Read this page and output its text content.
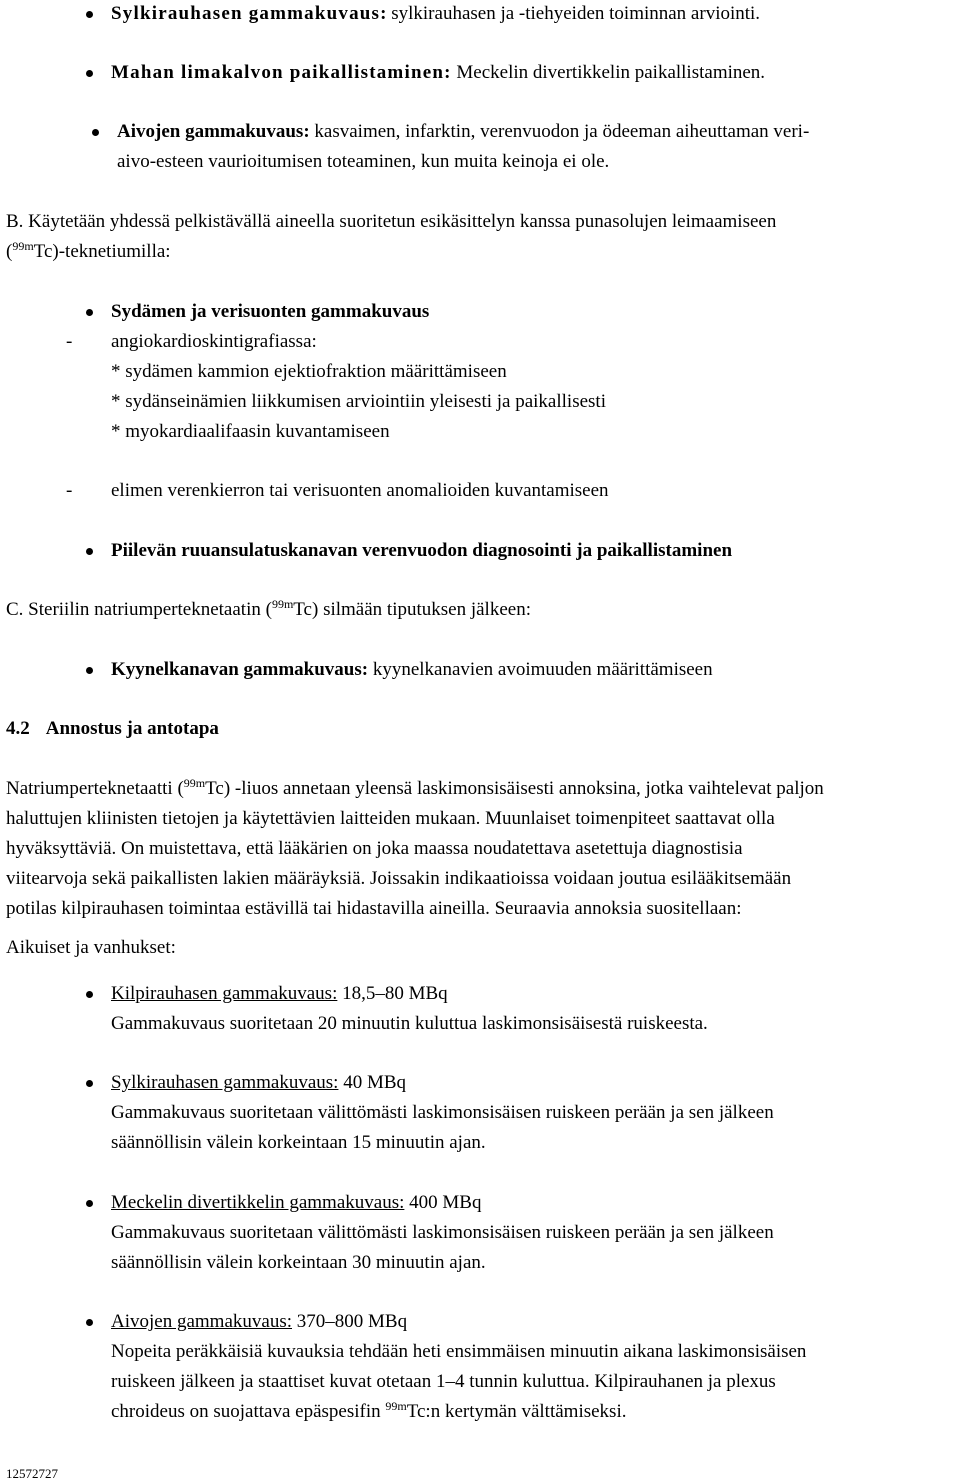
Sylkirauhasen gammakuvaus: sylkirauhasen ja -tiehyeiden toiminnan arviointi.
Mahan limakalvon paikallistaminen: Meckelin divertikkelin paikallistaminen.
Aivojen gammakuvaus: kasvaimen, infarktin, verenvuodon ja ödeeman aiheuttaman veri-
aivo-esteen vaurioitumisen toteaminen, kun muita keinoja ei ole.
B. Käytetään yhdessä pelkistävällä aineella suoritetun esikäsittelyn kanssa punasolujen leimaamiseen
($^{99m}$Tc)-teknetiumilla:
Sydämen ja verisuonten gammakuvaus
- angiokardioskintigrafiassa:
* sydämen kammion ejektiofraktion määrittämiseen
* sydänseinämien liikkumisen arviointiin yleisesti ja paikallisesti
* myokardiaalifaasin kuvantamiseen
- elimen verenkierron tai verisuonten anomalioiden kuvantamiseen
Piilevän ruuansulatuskanavan verenvuodon diagnosointi ja paikallistaminen
C. Steriilin natriumperteknetaatin ($^{99m}$Tc) silmään tiputuksen jälkeen:
Kyynelkanavan gammakuvaus: kyynelkanavien avoimuuden määrittämiseen
4.2 Annostus ja antotapa
Natriumperteknetaatti ($^{99m}$Tc) -liuos annetaan yleensä laskimonsisäisesti annoksina, jotka vaihtelevat paljon
haluttujen kliinisten tietojen ja käytettävien laitteiden mukaan. Muunlaiset toimenpiteet saattavat olla
hyväksyttäviä. On muistettava, että lääkärien on joka maassa noudatettava asetettuja diagnostisia
viitearvoja sekä paikallisten lakien määräyksiä. Joissakin indikaatioissa voidaan joutua esilääkitsemään
potilas kilpirauhasen toimintaa estävillä tai hidastavilla aineilla. Seuraavia annoksia suositellaan:
Aikuiset ja vanhukset:
Kilpirauhasen gammakuvaus: 18,5–80 MBq
Gammakuvaus suoritetaan 20 minuutin kuluttua laskimonsisäisestä ruiskeesta.
Sylkirauhasen gammakuvaus: 40 MBq
Gammakuvaus suoritetaan välittömästi laskimonsisäisen ruiskeen perään ja sen jälkeen
säännöllisin välein korkeintaan 15 minuutin ajan.
Meckelin divertikkelin gammakuvaus: 400 MBq
Gammakuvaus suoritetaan välittömästi laskimonsisäisen ruiskeen perään ja sen jälkeen
säännöllisin välein korkeintaan 30 minuutin ajan.
Aivojen gammakuvaus: 370–800 MBq
Nopeita peräkkäisiä kuvauksia tehdään heti ensimmäisen minuutin aikana laskimonsisäisen
ruiskeen jälkeen ja staattiset kuvat otetaan 1–4 tunnin kuluttua. Kilpirauhanen ja plexus
chroideus on suojattava epäspesifin $^{99m}$Tc:n kertymän välttämiseksi.
12572727
